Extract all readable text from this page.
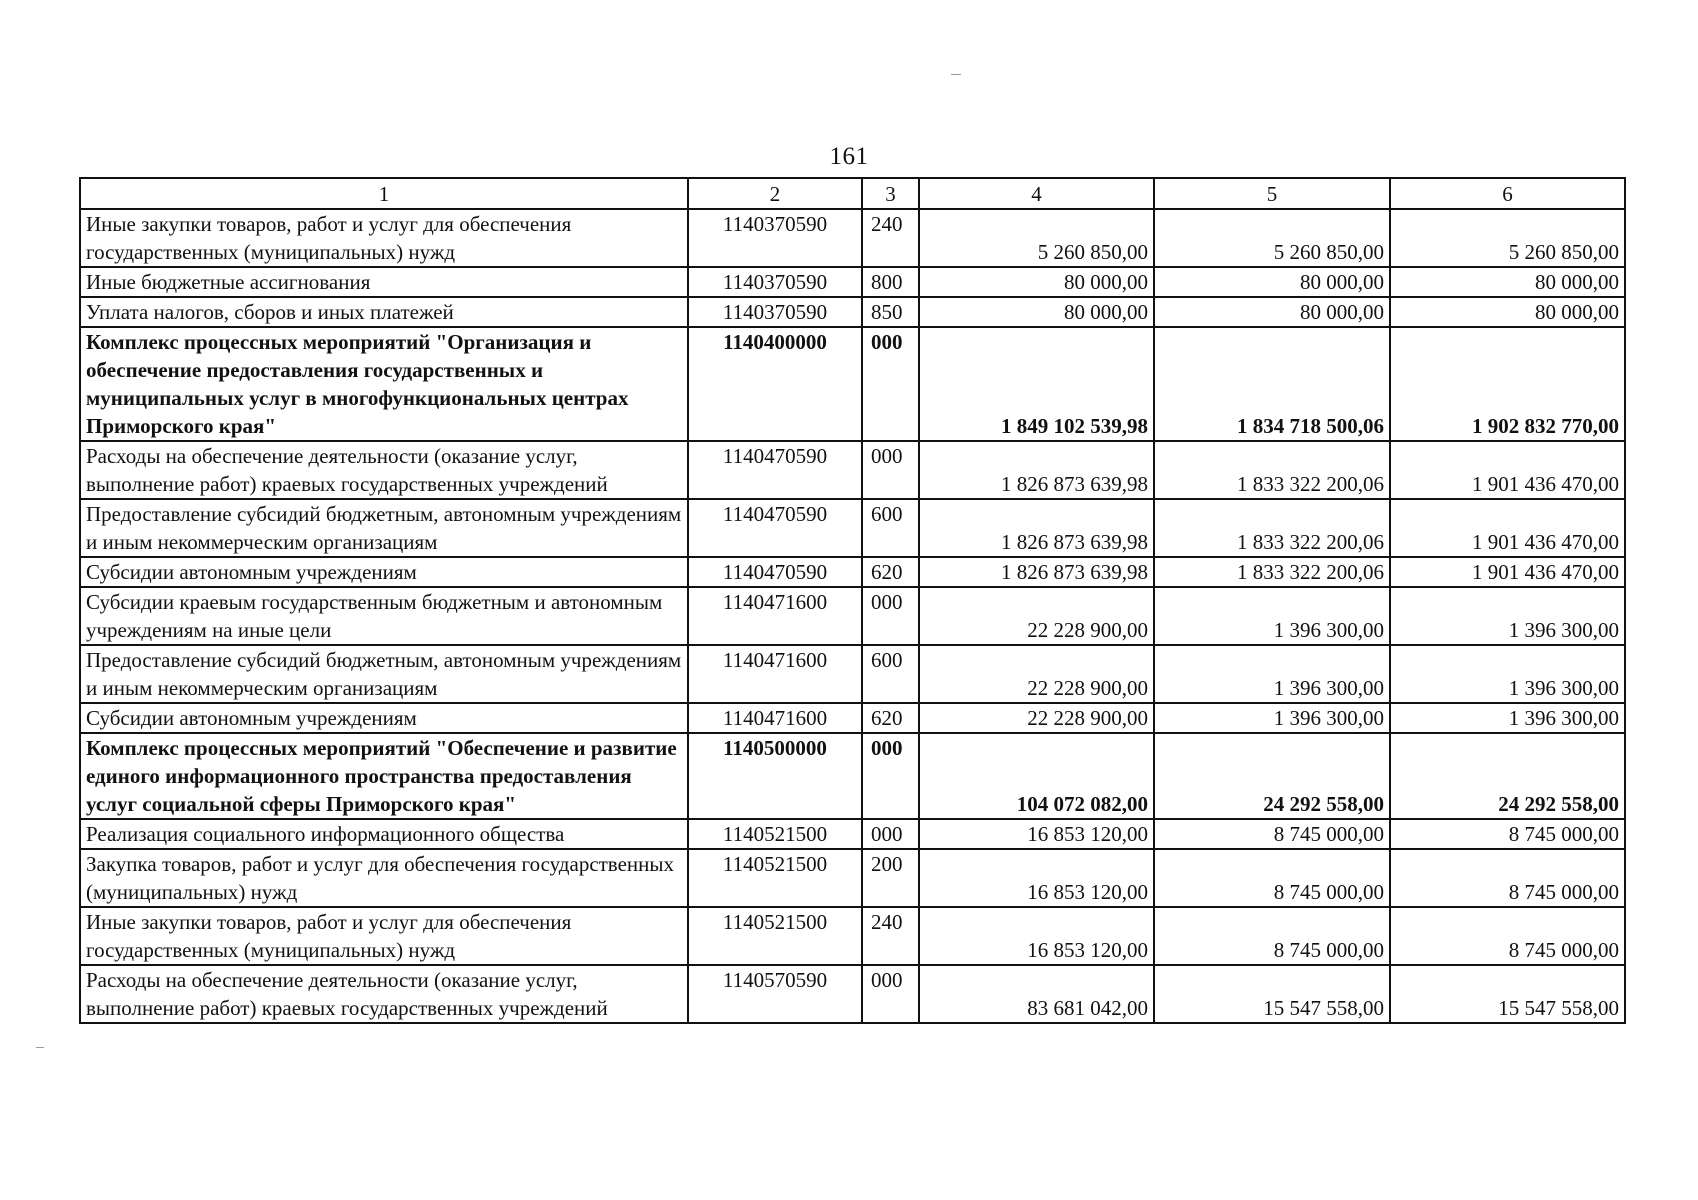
161
1	2	3	4	5	6
Иные закупки товаров, работ и услуг для обеспечения государственных (муниципальных) нужд	1140370590	240	5 260 850,00	5 260 850,00	5 260 850,00
Иные бюджетные ассигнования	1140370590	800	80 000,00	80 000,00	80 000,00
Уплата налогов, сборов и иных платежей	1140370590	850	80 000,00	80 000,00	80 000,00
Комплекс процессных мероприятий "Организация и обеспечение предоставления государственных и муниципальных услуг в многофункциональных центрах Приморского края"	1140400000	000	1 849 102 539,98	1 834 718 500,06	1 902 832 770,00
Расходы на обеспечение деятельности (оказание услуг, выполнение работ) краевых государственных учреждений	1140470590	000	1 826 873 639,98	1 833 322 200,06	1 901 436 470,00
Предоставление субсидий бюджетным, автономным учреждениям и иным некоммерческим организациям	1140470590	600	1 826 873 639,98	1 833 322 200,06	1 901 436 470,00
Субсидии автономным учреждениям	1140470590	620	1 826 873 639,98	1 833 322 200,06	1 901 436 470,00
Субсидии краевым государственным бюджетным и автономным учреждениям на иные цели	1140471600	000	22 228 900,00	1 396 300,00	1 396 300,00
Предоставление субсидий бюджетным, автономным учреждениям и иным некоммерческим организациям	1140471600	600	22 228 900,00	1 396 300,00	1 396 300,00
Субсидии автономным учреждениям	1140471600	620	22 228 900,00	1 396 300,00	1 396 300,00
Комплекс процессных мероприятий "Обеспечение и развитие единого информационного пространства предоставления услуг социальной сферы Приморского края"	1140500000	000	104 072 082,00	24 292 558,00	24 292 558,00
Реализация социального информационного общества	1140521500	000	16 853 120,00	8 745 000,00	8 745 000,00
Закупка товаров, работ и услуг для обеспечения государственных (муниципальных) нужд	1140521500	200	16 853 120,00	8 745 000,00	8 745 000,00
Иные закупки товаров, работ и услуг для обеспечения государственных (муниципальных) нужд	1140521500	240	16 853 120,00	8 745 000,00	8 745 000,00
Расходы на обеспечение деятельности (оказание услуг, выполнение работ) краевых государственных учреждений	1140570590	000	83 681 042,00	15 547 558,00	15 547 558,00
